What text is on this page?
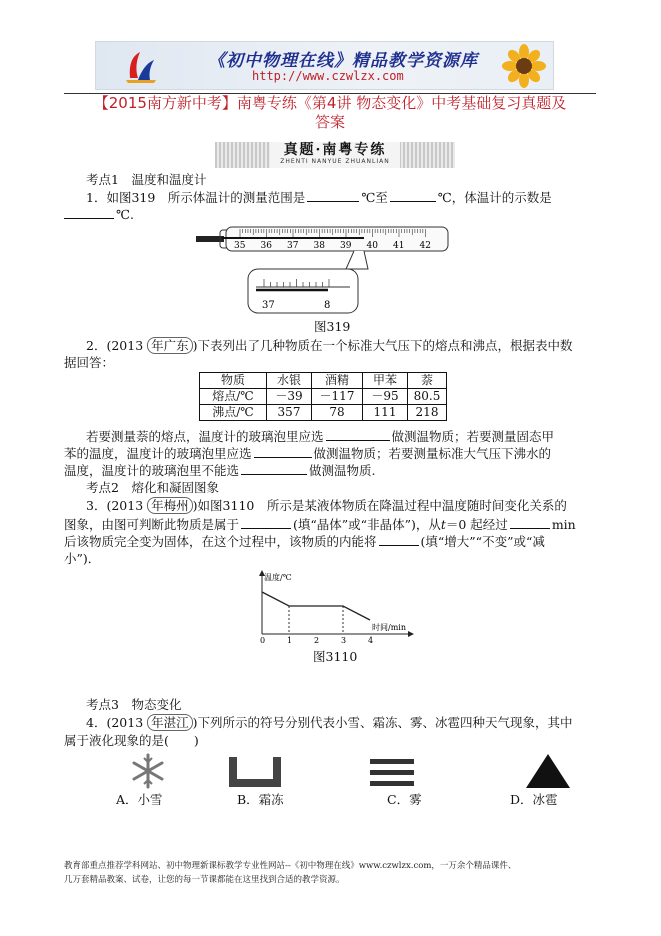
《初中物理在线》精品教学资源库
http://www.czwlzx.com
【2015南方新中考】南粤专练《第4讲 物态变化》中考基础复习真题及
答案
真题·南粤专练
ZHENTI NANYUE ZHUANLIAN
考点1　温度和温度计
1．如图319　所示体温计的测量范围是	℃至	℃，体温计的示数是
℃.
35 36 37 38 39 40 41 42
37	8
图319
2．(2013 年广东 )下表列出了几种物质在一个标准大气压下的熔点和沸点，根据表中数
据回答：
物质	水银	酒精	甲苯	萘
熔点/℃	－39	－117	－95	80.5
沸点/℃	357	78	111	218
若要测量萘的熔点，温度计的玻璃泡里应选	做测温物质；若要测量固态甲
苯的温度，温度计的玻璃泡里应选	做测温物质；若要测量标准大气压下沸水的
温度，温度计的玻璃泡里不能选	做测温物质.
考点2　熔化和凝固图象
3．(2013 年梅州 )如图3110　所示是某液体物质在降温过程中温度随时间变化关系的
图象，由图可判断此物质是属于	(填“晶体”或“非晶体”)，从t＝0 起经过	min
后该物质完全变为固体，在这个过程中，该物质的内能将	(填“增大”“不变”或“减
小”)．
温度/℃
时间/min
0	1	2	3	4
图3110
考点3　物态变化
4．(2013 年湛江 )下列所示的符号分别代表小雪、霜冻、雾、冰雹四种天气现象，其中
属于液化现象的是(　　)
A．小雪	B．霜冻	C．雾	D．冰雹
教育部重点推荐学科网站、初中物理新课标教学专业性网站--《初中物理在线》www.czwlzx.com，一万余个精品课件、
几万套精品教案、试卷，让您的每一节课都能在这里找到合适的教学资源。
